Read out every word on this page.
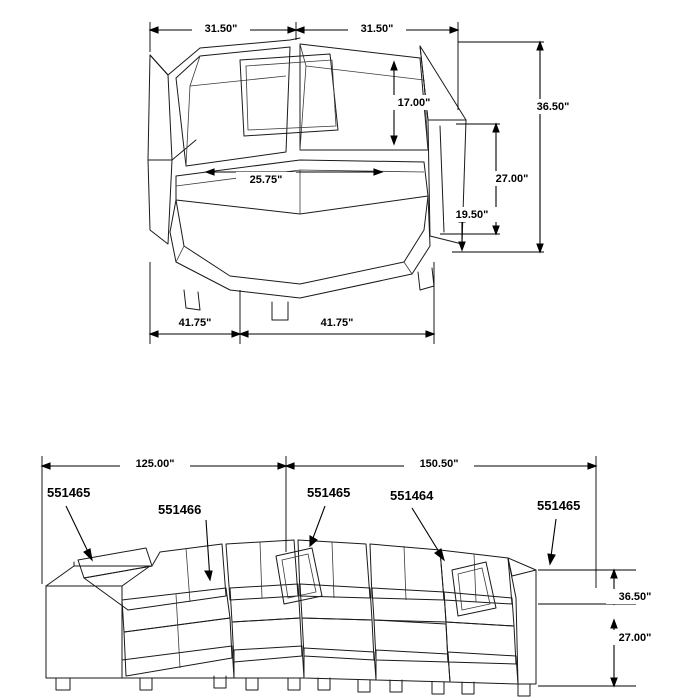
31.50"	31.50"
17.00"
25.75"	27.00"
19.50"
36.50"
41.75"	41.75"
125.00"	150.50"
36.50"
27.00"
551465
551466
551465	551464
551465
